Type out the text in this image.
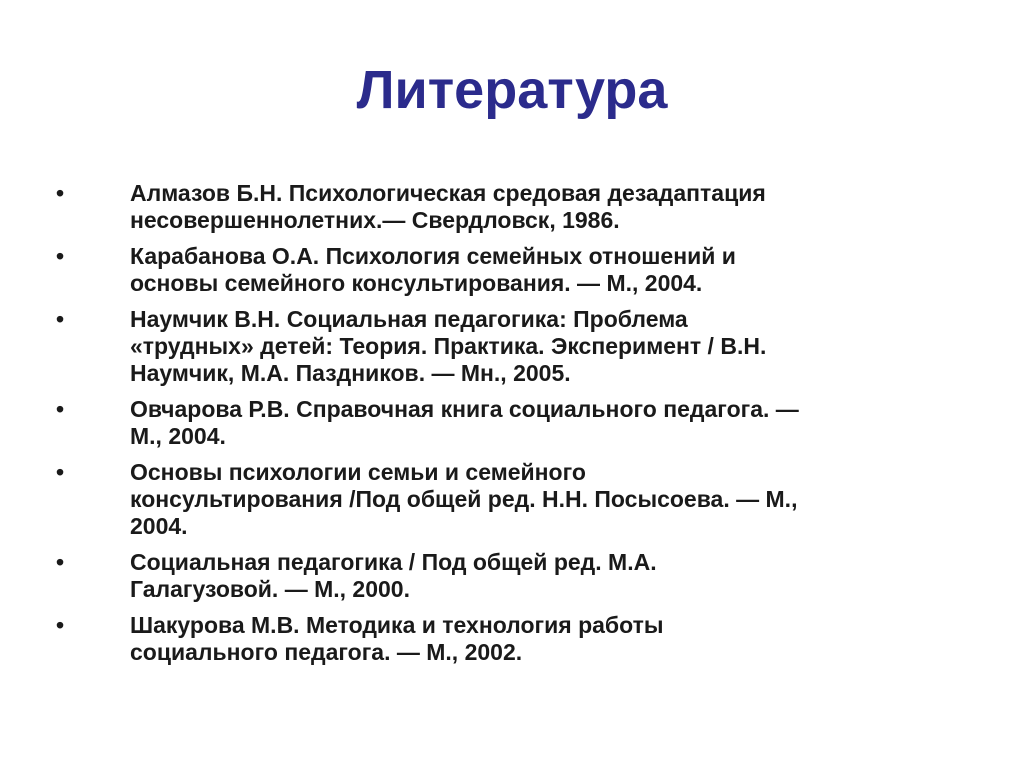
Литература
•	Алмазов Б.Н. Психологическая средовая дезадаптация
несовершеннолетних.— Свердловск, 1986.
•	Карабанова О.А. Психология семейных отношений и
основы семейного консультирования. — М., 2004.
•	Наумчик В.Н. Социальная педагогика: Проблема
«трудных» детей: Теория. Практика. Эксперимент / В.Н.
Наумчик, М.А. Паздников. — Мн., 2005.
•	Овчарова Р.В. Справочная книга социального педагога. —
М., 2004.
•	Основы психологии семьи и семейного
консультирования /Под общей ред. Н.Н. Посысоева. — М.,
2004.
•	Социальная педагогика / Под общей ред. М.А.
Галагузовой. — М., 2000.
•	Шакурова М.В. Методика и технология работы
социального педагога. — М., 2002.
